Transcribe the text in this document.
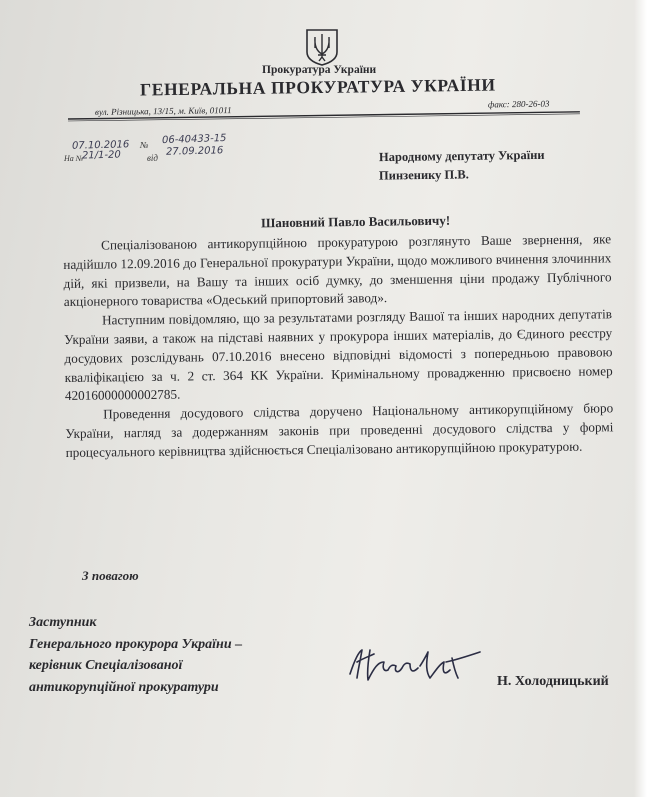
Прокуратура України
ГЕНЕРАЛЬНА ПРОКУРАТУРА УКРАЇНИ
вул. Різницька, 13/15, м. Київ, 01011
факс: 280-26-03
07.10.2016 № 06-40433-15
На №
21/1-20	від
27.09.2016	Народному депутату України
Пинзенику П.В.
Шановний Павло Васильовичу!

Спеціалізованою антикорупційною прокуратурою розглянуто Ваше звернення, яке надійшло 12.09.2016 до Генеральної прокуратури України, щодо можливого вчинення злочинних дій, які призвели, на Вашу та інших осіб думку, до зменшення ціни продажу Публічного акціонерного товариства «Одеський припортовий завод».

Наступним повідомляю, що за результатами розгляду Вашої та інших народних депутатів України заяви, а також на підставі наявних у прокурора інших матеріалів, до Єдиного реєстру досудових розслідувань 07.10.2016 внесено відповідні відомості з попередньою правовою кваліфікацією за ч. 2 ст. 364 КК України. Кримінальному провадженню присвоєно номер 42016000000002785.

Проведення досудового слідства доручено Національному антикорупційному бюро України, нагляд за додержанням законів при проведенні досудового слідства у формі процесуального керівництва здійснюється Спеціалізовано антикорупційною прокуратурою.

З повагою
Заступник
Генерального прокурора України –
керівник Спеціалізованої
антикорупційної прокуратури	Н. Холодницький
